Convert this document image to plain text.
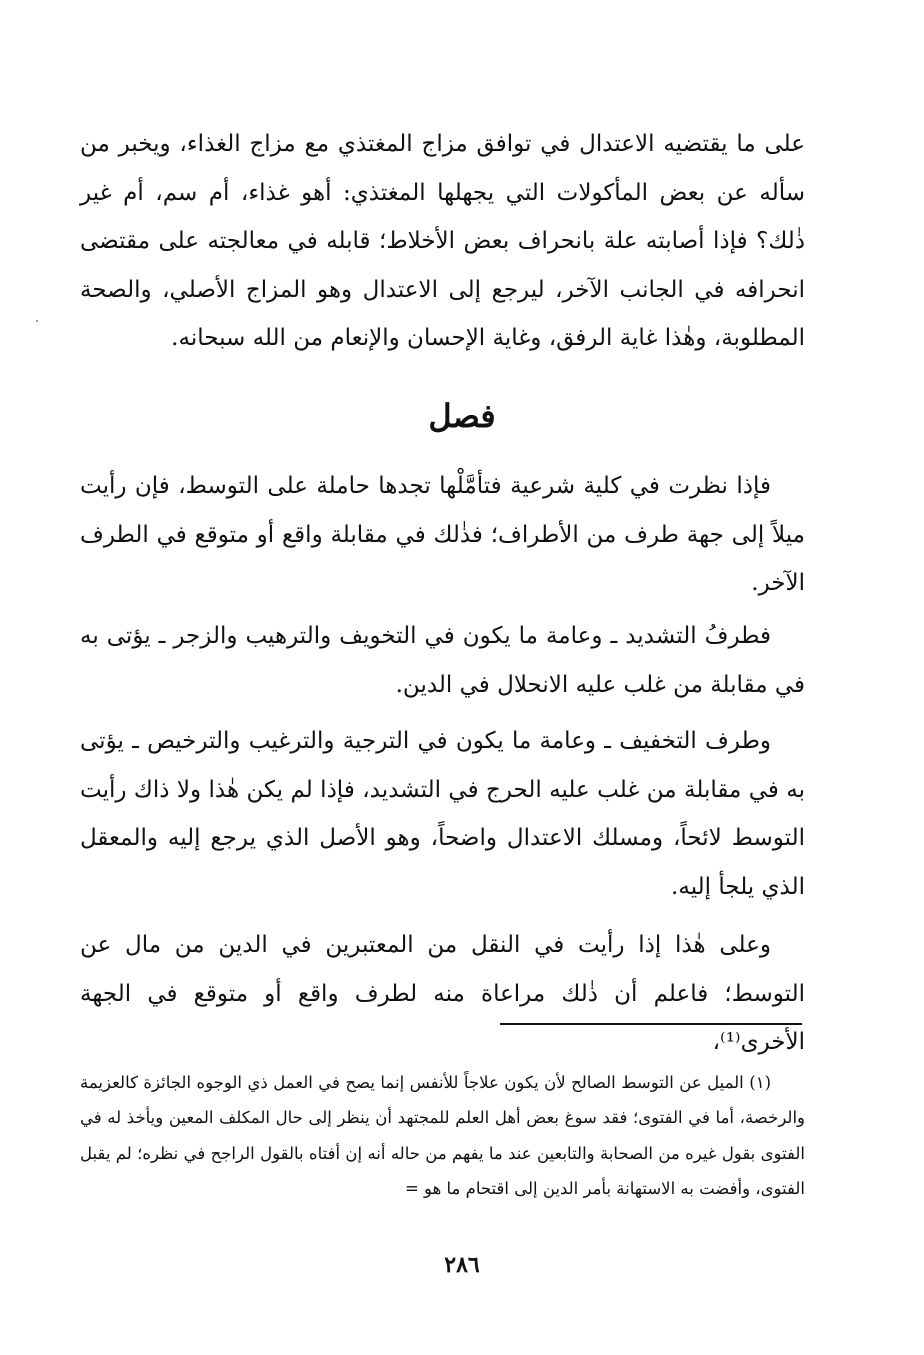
على ما يقتضيه الاعتدال في توافق مزاج المغتذي مع مزاج الغذاء، ويخبر من سأله عن بعض المأكولات التي يجهلها المغتذي: أهو غذاء، أم سم، أم غير ذٰلك؟ فإذا أصابته علة بانحراف بعض الأخلاط؛ قابله في معالجته على مقتضى انحرافه في الجانب الآخر، ليرجع إلى الاعتدال وهو المزاج الأصلي، والصحة المطلوبة، وهٰذا غاية الرفق، وغاية الإحسان والإنعام من الله سبحانه.

فصل

فإذا نظرت في كلية شرعية فتأمَّلْها تجدها حاملة على التوسط، فإن رأيت ميلاً إلى جهة طرف من الأطراف؛ فذٰلك في مقابلة واقع أو متوقع في الطرف الآخر.

فطرفُ التشديد ـ وعامة ما يكون في التخويف والترهيب والزجر ـ يؤتى به في مقابلة من غلب عليه الانحلال في الدين.

وطرف التخفيف ـ وعامة ما يكون في الترجية والترغيب والترخيص ـ يؤتى به في مقابلة من غلب عليه الحرج في التشديد، فإذا لم يكن هٰذا ولا ذاك رأيت التوسط لائحاً، ومسلك الاعتدال واضحاً، وهو الأصل الذي يرجع إليه والمعقل الذي يلجأ إليه.

وعلى هٰذا إذا رأيت في النقل من المعتبرين في الدين من مال عن التوسط؛ فاعلم أن ذٰلك مراعاة منه لطرف واقع أو متوقع في الجهة الأخرى⁽¹⁾،

(١) الميل عن التوسط الصالح لأن يكون علاجاً للأنفس إنما يصح في العمل ذي الوجوه الجائزة كالعزيمة والرخصة، أما في الفتوى؛ فقد سوغ بعض أهل العلم للمجتهد أن ينظر إلى حال المكلف المعين ويأخذ له في الفتوى بقول غيره من الصحابة والتابعين عند ما يفهم من حاله أنه إن أفتاه بالقول الراجح في نظره؛ لم يقبل الفتوى، وأفضت به الاستهانة بأمر الدين إلى اقتحام ما هو =

٢٨٦
